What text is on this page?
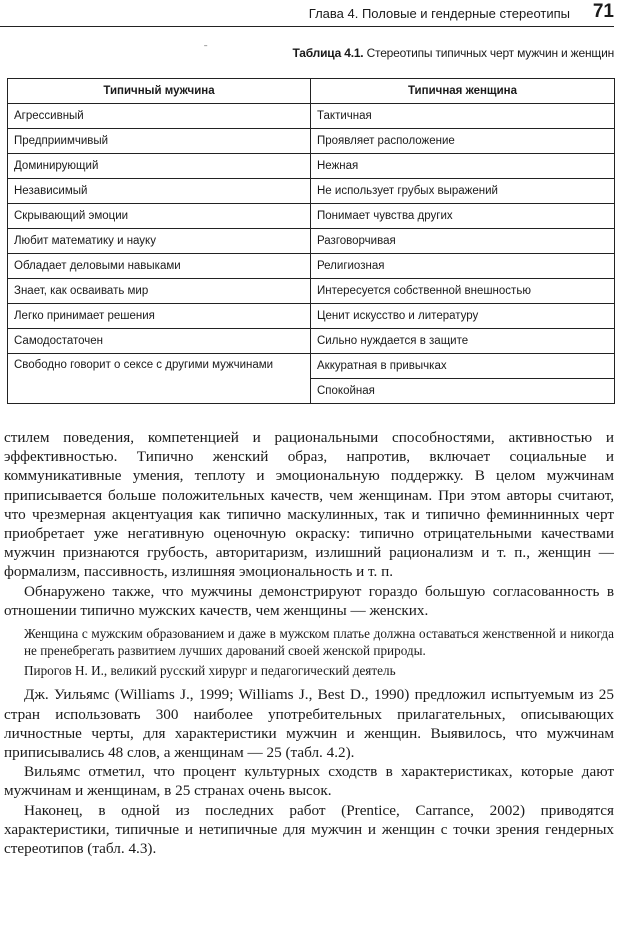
Глава 4. Половые и гендерные стереотипы 71
ˉ	Таблица 4.1. Стереотипы типичных черт мужчин и женщин
Типичный мужчина	Типичная женщина
Агрессивный	Тактичная
Предприимчивый	Проявляет расположение
Доминирующий	Нежная
Независимый	Не использует грубых выражений
Скрывающий эмоции	Понимает чувства других
Любит математику и науку	Разговорчивая
Обладает деловыми навыками	Религиозная
Знает, как осваивать мир	Интересуется собственной внешностью
Легко принимает решения	Ценит искусство и литературу
Самодостаточен	Сильно нуждается в защите
Свободно говорит о сексе с другими мужчинами	Аккуратная в привычках
	Спокойная

стилем поведения, компетенцией и рациональными способностями, активностью и эффективностью. Типично женский образ, напротив, включает социальные и коммуникативные умения, теплоту и эмоциональную поддержку. В целом мужчинам приписывается больше положительных качеств, чем женщинам. При этом авторы считают, что чрезмерная акцентуация как типично маскулинных, так и типично феминнинных черт приобретает уже негативную оценочную окраску: типично отрицательными качествами мужчин признаются грубость, авторитаризм, излишний рационализм и т. п., женщин — формализм, пассивность, излишняя эмоциональность и т. п.

Обнаружено также, что мужчины демонстрируют гораздо большую согласованность в отношении типично мужских качеств, чем женщины — женских.

Женщина с мужским образованием и даже в мужском платье должна оставаться женственной и никогда не пренебрегать развитием лучших дарований своей женской природы.

Пирогов Н. И., великий русский хирург и педагогический деятель

Дж. Уильямс (Williams J., 1999; Williams J., Best D., 1990) предложил испытуемым из 25 стран использовать 300 наиболее употребительных прилагательных, описывающих личностные черты, для характеристики мужчин и женщин. Выявилось, что мужчинам приписывались 48 слов, а женщинам — 25 (табл. 4.2).

Вильямс отметил, что процент культурных сходств в характеристиках, которые дают мужчинам и женщинам, в 25 странах очень высок.

Наконец, в одной из последних работ (Prentice, Carrance, 2002) приводятся характеристики, типичные и нетипичные для мужчин и женщин с точки зрения гендерных стереотипов (табл. 4.3).
